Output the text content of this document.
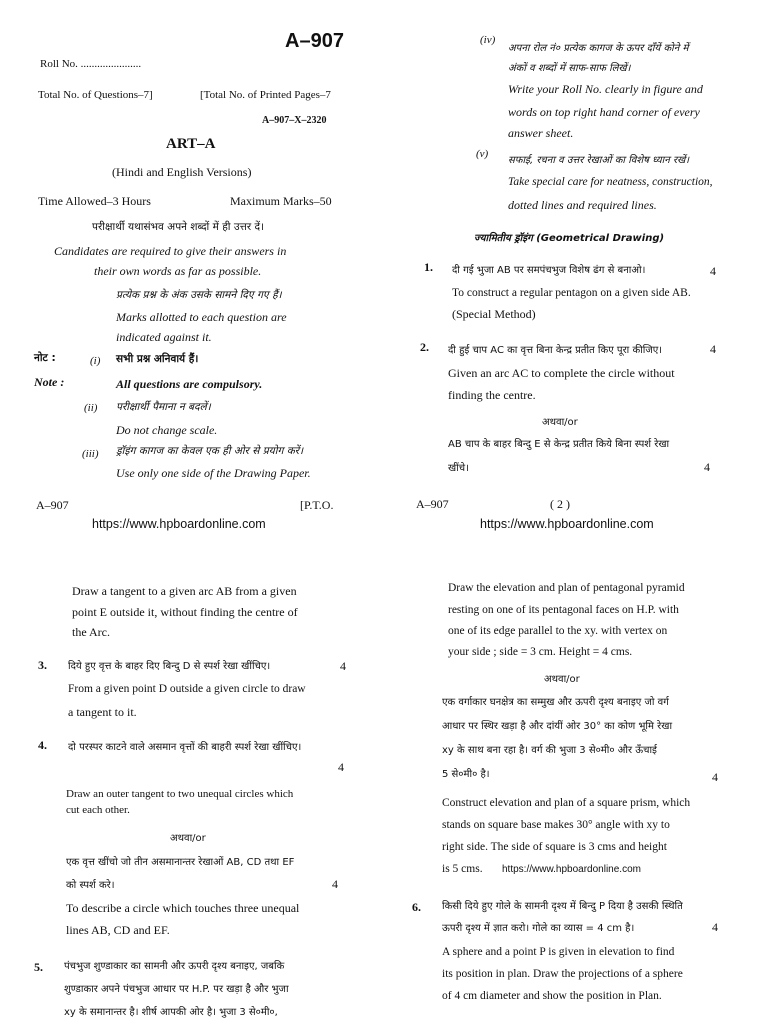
A–907
Roll No. ......................
Total No. of Questions–7]	[Total No. of Printed Pages–7
A–907–X–2320
ART–A
(Hindi and English Versions)
Time Allowed–3 Hours	Maximum Marks–50
परीक्षार्थी यथासंभव अपने शब्दों में ही उत्तर दें।
Candidates are required to give their answers in
their own words as far as possible.
प्रत्येक प्रश्न के अंक उसके सामने दिए गए हैं।
Marks allotted to each question are
indicated against it.
नोट :	(i) सभी प्रश्न अनिवार्य हैं।
Note :	All questions are compulsory.
(ii) परीक्षार्थी पैमाना न बदलें।
Do not change scale.
(iii) ड्रॉइंग कागज का केवल एक ही ओर से प्रयोग करें।
Use only one side of the Drawing Paper.
A–907	[P.T.O.
https://www.hpboardonline.com
(iv)
अपना रोल नं० प्रत्येक कागज के ऊपर दाँयें कोने में
अंकों व शब्दों में साफ-साफ लिखें।
Write your Roll No. clearly in figure and
words on top right hand corner of every
answer sheet.
(v)
सफाई, रचना व उत्तर रेखाओं का विशेष ध्यान रखें।
Take special care for neatness, construction,
dotted lines and required lines.
ज्यामितीय ड्रॉइंग (Geometrical Drawing)
1. दी गई भुजा AB पर समपंचभुज विशेष ढंग से बनाओ।	4
To construct a regular pentagon on a given side AB.
(Special Method)
2. दी हुई चाप AC का वृत्त बिना केन्द्र प्रतीत किए पूरा कीजिए।	4
Given an arc AC to complete the circle without
finding the centre.
अथवा/or
AB चाप के बाहर बिन्दु E से केन्द्र प्रतीत किये बिना स्पर्श रेखा
खींचे।	4
A–907	( 2 )
https://www.hpboardonline.com
Draw a tangent to a given arc AB from a given
point E outside it, without finding the centre of
the Arc.
3. दिये हुए वृत्त के बाहर दिए बिन्दु D से स्पर्श रेखा खींचिए।	4
From a given point D outside a given circle to draw
a tangent to it.
4. दो परस्पर काटने वाले असमान वृत्तों की बाहरी स्पर्श रेखा खींचिए।
4
Draw an outer tangent to two unequal circles which
cut each other.
अथवा/or
एक वृत्त खींचो जो तीन असमानान्तर रेखाओं AB, CD तथा EF
को स्पर्श करे।	4
To describe a circle which touches three unequal
lines AB, CD and EF.
5. पंचभुज शुण्डाकार का सामनी और ऊपरी दृश्य बनाइए, जबकि
शुण्डाकार अपने पंचभुज आधार पर H.P. पर खड़ा है और भुजा
xy के समानान्तर है। शीर्ष आपकी ओर है। भुजा 3 से०मी०,
Draw the elevation and plan of pentagonal pyramid
resting on one of its pentagonal faces on H.P. with
one of its edge parallel to the xy. with vertex on
your side ; side = 3 cm. Height = 4 cms.
अथवा/or
एक वर्गाकार घनक्षेत्र का सम्मुख और ऊपरी दृश्य बनाइए जो वर्ग
आधार पर स्थिर खड़ा है और दांयीं ओर 30° का कोण भूमि रेखा
xy के साथ बना रहा है। वर्ग की भुजा 3 से०मी० और ऊँचाई
5 से०मी० है।	4
Construct elevation and plan of a square prism, which
stands on square base makes 30° angle with xy to
right side. The side of square is 3 cms and height
is 5 cms. https://www.hpboardonline.com
6. किसी दिये हुए गोले के सामनी दृश्य में बिन्दु P दिया है उसकी स्थिति
ऊपरी दृश्य में ज्ञात करो। गोले का व्यास = 4 cm है।	4
A sphere and a point P is given in elevation to find
its position in plan. Draw the projections of a sphere
of 4 cm diameter and show the position in Plan.
